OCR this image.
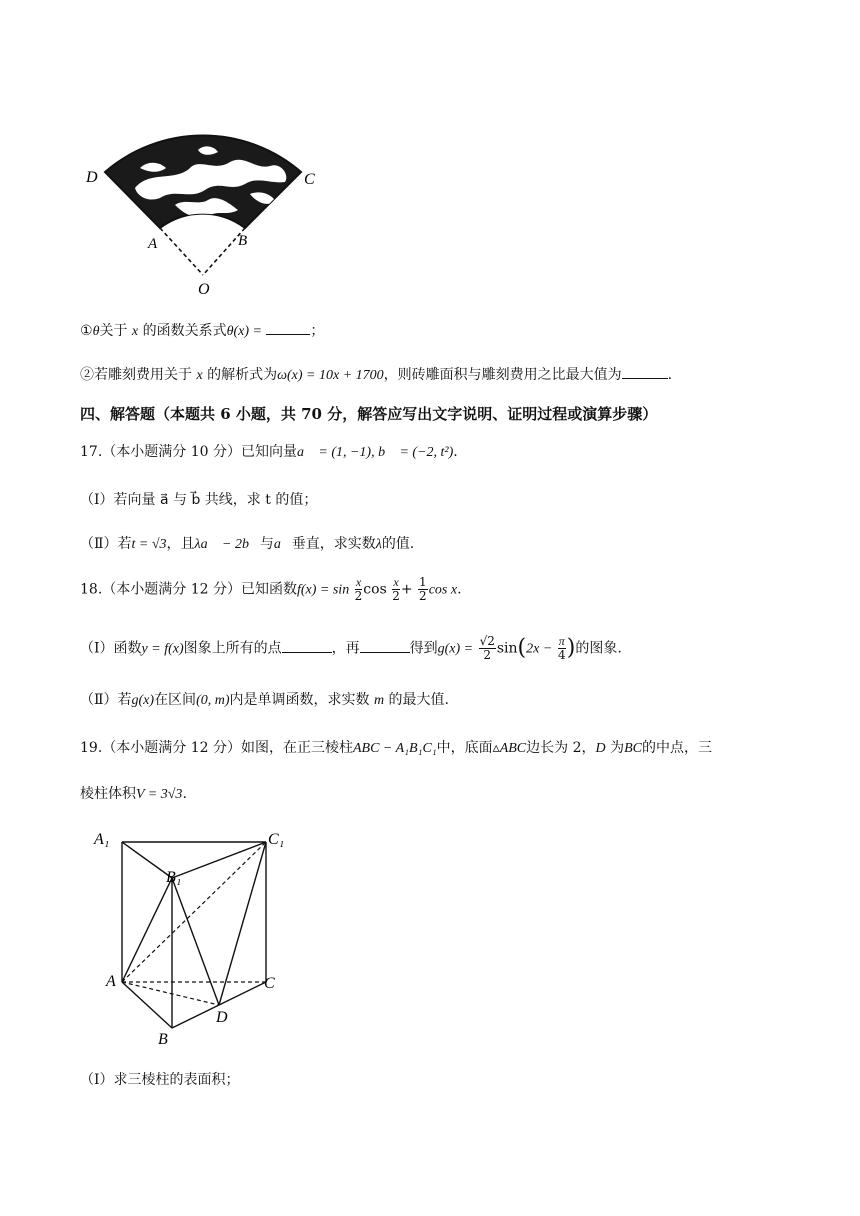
D	C
A	B
O
①θ关于 x 的函数关系式θ(x) =	；
②若雕刻费用关于 x 的解析式为ω(x) = 10x + 1700，则砖雕面积与雕刻费用之比最大值为	.
四、解答题（本题共 6 小题，共 70 分，解答应写出文字说明、证明过程或演算步骤）
17.（本小题满分 10 分）已知向量a⃗ = (1, −1), b⃗ = (−2, t²).
（Ⅰ）若向量 a⃗ 与 b⃗ 共线，求 t 的值；
（Ⅱ）若t = √3，且λa⃗ − 2b⃗与a⃗垂直，求实数λ的值.
18.（本小题满分 12 分）已知函数$f(x) = \sin \frac{x}{2}$ $\cos \frac{x}{2} + \frac{1}{2}$ cos x.
（Ⅰ）函数y = f(x)图象上所有的点	，再	得到$g(x) = \frac{√2}{2} \sin(2x - \frac{\pi}{4}$ )的图象.
（Ⅱ）若g(x)在区间(0, m)内是单调函数，求实数 m 的最大值.
19.（本小题满分 12 分）如图，在正三棱柱ABC − A₁B₁C₁中，底面▵ABC边长为 2，D 为BC的中点，三
棱柱体积V = 3√3.
A₁	C₁
B₁
A	C
D
B
（Ⅰ）求三棱柱的表面积；
